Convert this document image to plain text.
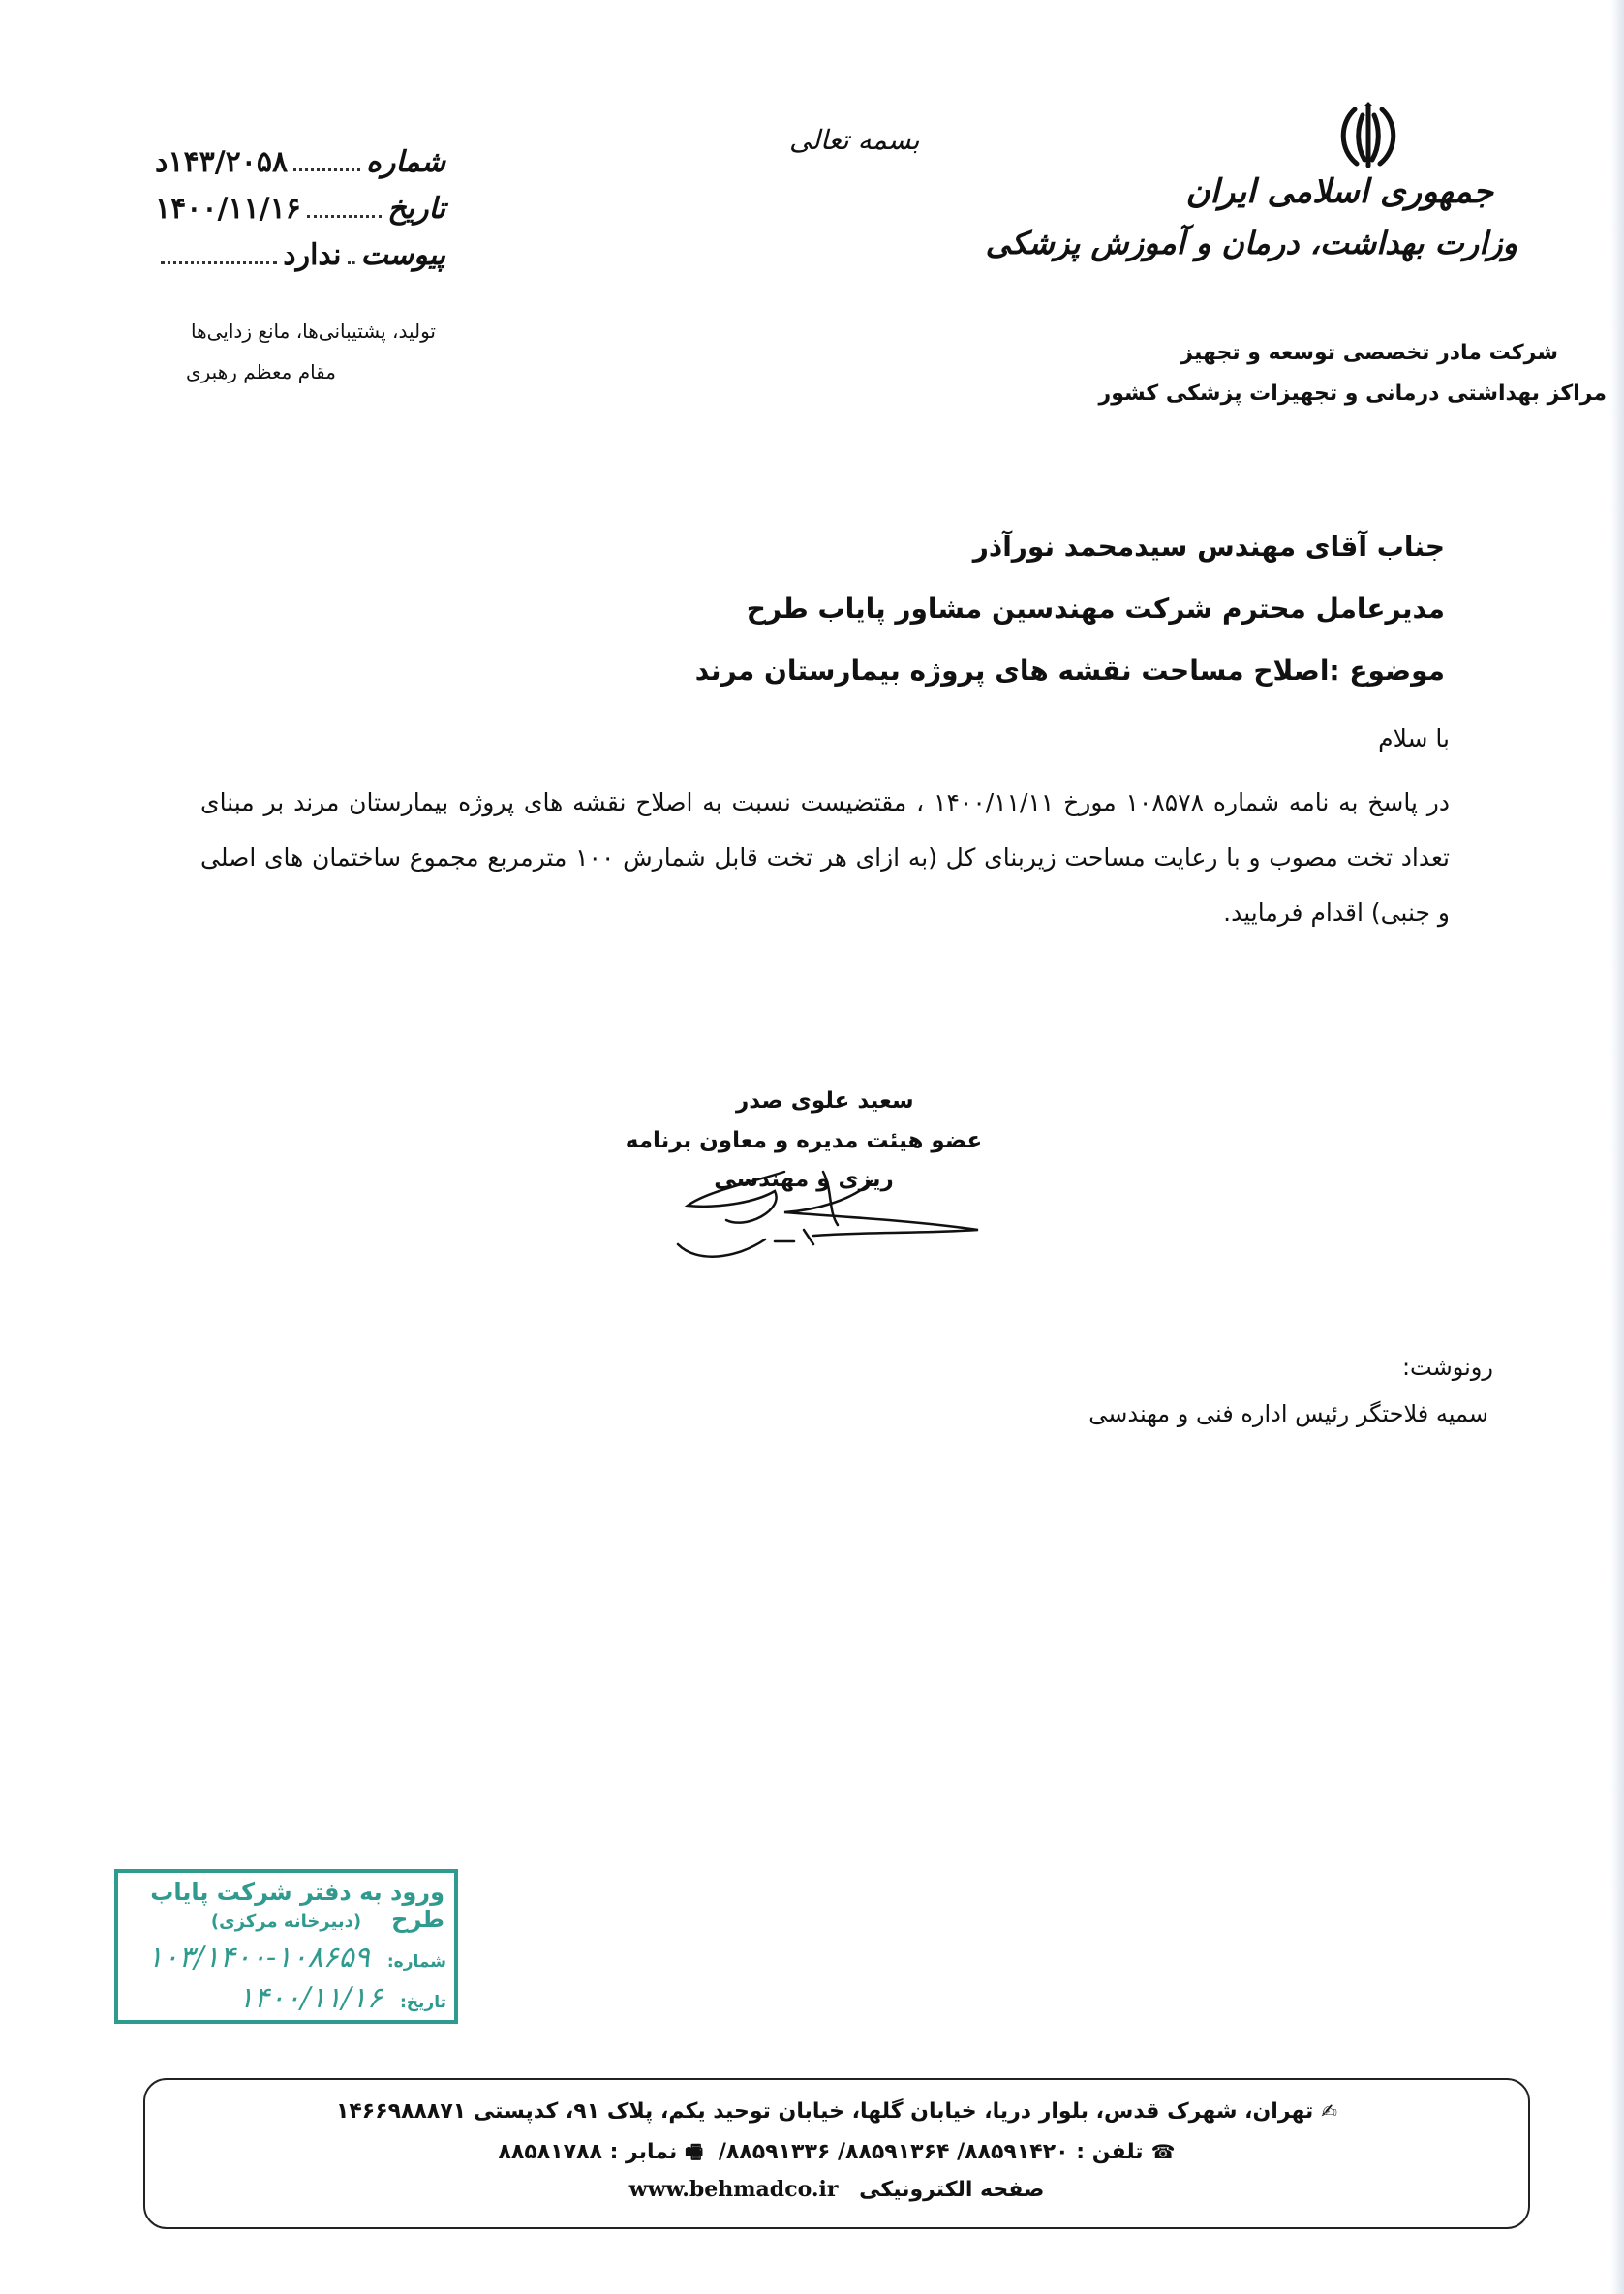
جمهوری اسلامی ایران
وزارت بهداشت، درمان و آموزش پزشکی
شرکت مادر تخصصی توسعه و تجهیز
مراکز بهداشتی درمانی و تجهیزات پزشکی کشور
بسمه تعالی
شماره
۱۴۳/۲۰۵۸د
تاریخ
۱۴۰۰/۱۱/۱۶
پیوست
ندارد
تولید، پشتیبانی‌ها، مانع زدایی‌ها
مقام معظم رهبری
جناب آقای مهندس سیدمحمد نورآذر
مدیرعامل محترم شرکت مهندسین مشاور پایاب طرح
موضوع :اصلاح مساحت نقشه های پروژه بیمارستان مرند
با سلام
در پاسخ به نامه شماره ۱۰۸۵۷۸ مورخ ۱۴۰۰/۱۱/۱۱ ، مقتضیست نسبت به اصلاح نقشه های پروژه بیمارستان مرند بر مبنای تعداد تخت مصوب و با رعایت مساحت زیربنای کل (به ازای هر تخت قابل شمارش ۱۰۰ مترمربع مجموع ساختمان های اصلی و جنبی) اقدام فرمایید.
سعید علوی صدر
عضو هیئت مدیره و معاون برنامه ریزی و مهندسی
رونوشت:
سمیه فلاحتگر رئیس اداره فنی و مهندسی
ورود به دفتر شرکت پایاب طرح
(دبیرخانه مرکزی)
شماره:
۱۰۳/۱۴۰۰-۱۰۸۶۵۹
تاریخ:
۱۴۰۰/۱۱/۱۶
✍تهران، شهرک قدس، بلوار دریا، خیابان گلها، خیابان توحید یکم، پلاک ۹۱، کدپستی ۱۴۶۶۹۸۸۸۷۱
☎تلفن : ۸۸۵۹۱۴۲۰/ ۸۸۵۹۱۳۶۴/ ۸۸۵۹۱۳۳۶/ 🖷نمابر : ۸۸۵۸۱۷۸۸
صفحه الکترونیکی www.behmadco.ir
